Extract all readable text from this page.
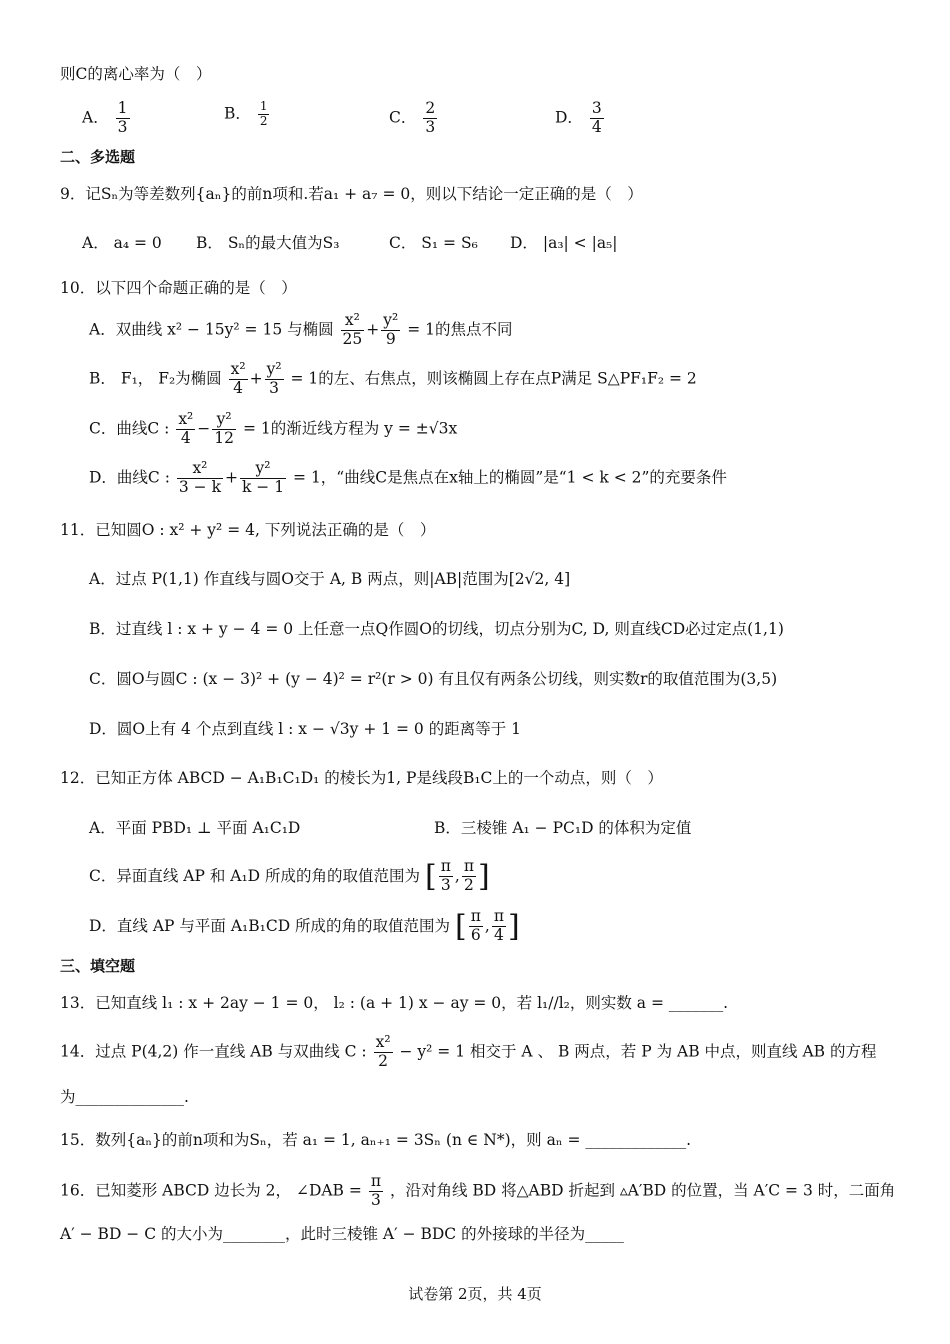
则C的离心率为（　）
A． $\frac{1}{3}$	B． $\frac{1}{2}$	C． $\frac{2}{3}$	D． $\frac{3}{4}$
二、多选题
9．记Sₙ为等差数列{aₙ}的前n项和.若a₁ + a₇ = 0，则以下结论一定正确的是（　）
A． a₄ = 0 B． Sₙ的最大值为S₃	C． S₁ = S₆ D． |a₃| < |a₅|
10．以下四个命题正确的是（　）
A．双曲线 x² − 15y² = 15 与椭圆 $\frac{\text{x²}}{25} + \frac{\text{y²}}{9} = 1$的焦点不同
B． F₁， F₂为椭圆 $\frac{\text{x²}}{4} + \frac{\text{y²}}{3} = 1$的左、右焦点，则该椭圆上存在点P满足 S△PF₁F₂ = 2
C．曲线C : $\frac{\text{x²}}{4} - \frac{\text{y²}}{12} = 1$的渐近线方程为 y = ±√3x
D．曲线C : $\frac{\text{x²}}{3 - k} + \frac{\text{y²}}{k - 1} = 1$，“曲线C是焦点在x轴上的椭圆”是“1 < k < 2”的充要条件
11．已知圆O : x² + y² = 4, 下列说法正确的是（　）
A．过点 P(1,1) 作直线与圆O交于 A, B 两点，则|AB|范围为[2√2, 4]
B．过直线 l : x + y − 4 = 0 上任意一点Q作圆O的切线，切点分别为C, D, 则直线CD必过定点(1,1)
C．圆O与圆C : (x − 3)² + (y − 4)² = r²(r > 0) 有且仅有两条公切线，则实数r的取值范围为(3,5)
D．圆O上有 4 个点到直线 l : x − √3y + 1 = 0 的距离等于 1
12．已知正方体 ABCD − A₁B₁C₁D₁ 的棱长为1, P是线段B₁C上的一个动点，则（　）
A．平面 PBD₁ ⊥ 平面 A₁C₁D	B．三棱锥 A₁ − PC₁D 的体积为定值
C．异面直线 AP 和 A₁D 所成的角的取值范围为 [ $\frac{\pi}{3}$ , $\frac{\pi}{2}$ ]
D．直线 AP 与平面 A₁B₁CD 所成的角的取值范围为 [ $\frac{\pi}{6}$ , $\frac{\pi}{4}$ ]
三、填空题
13．已知直线 l₁ : x + 2ay − 1 = 0， l₂ : (a + 1) x − ay = 0，若 l₁//l₂，则实数 a = _______.
14．过点 P(4,2) 作一直线 AB 与双曲线 C : $\frac{\text{x²}}{2} - y^2 = 1$ 相交于 A 、 B 两点，若 P 为 AB 中点，则直线 AB 的方程
为______________.
15．数列{aₙ}的前n项和为Sₙ，若 a₁ = 1, aₙ₊₁ = 3Sₙ (n ∈ N*)，则 aₙ = _____________.
16．已知菱形 ABCD 边长为 2， ∠DAB = $\frac{\pi}{3}$ ，沿对角线 BD 将△ABD 折起到 ▵A′BD 的位置，当 A′C = 3 时，二面角
A′ − BD − C 的大小为________，此时三棱锥 A′ − BDC 的外接球的半径为_____
试卷第 2页，共 4页
